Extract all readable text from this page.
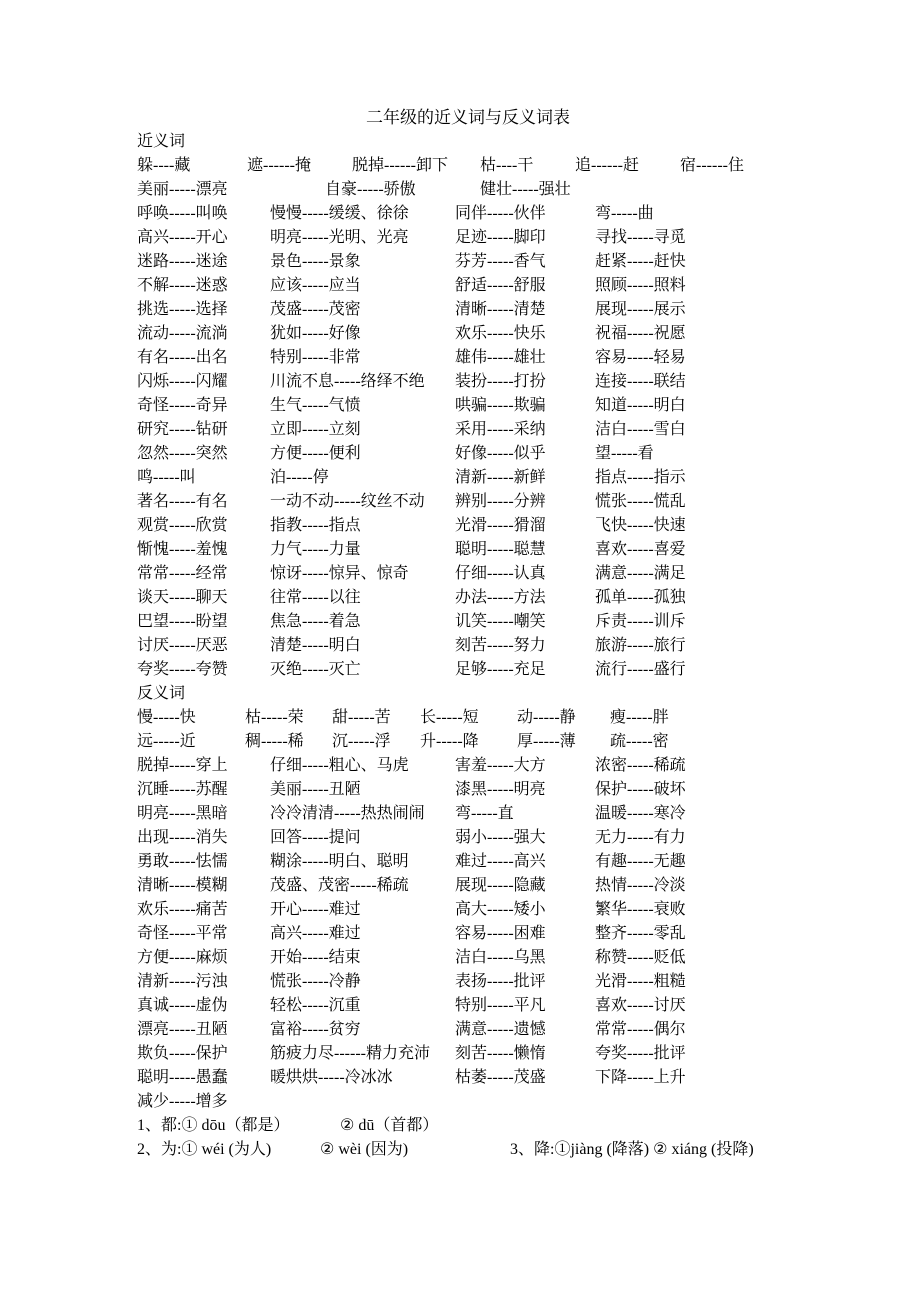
二年级的近义词与反义词表
近义词
躲----藏	遮------掩	脱掉------卸下	枯----干	追------赶	宿------住
美丽-----漂亮	自豪-----骄傲	健壮-----强壮
呼唤-----叫唤	慢慢-----缓缓、徐徐	同伴-----伙伴	弯-----曲
高兴-----开心	明亮-----光明、光亮	足迹-----脚印	寻找-----寻觅
迷路-----迷途	景色-----景象	芬芳-----香气	赶紧-----赶快
不解-----迷惑	应该-----应当	舒适-----舒服	照顾-----照料
挑选-----选择	茂盛-----茂密	清晰-----清楚	展现-----展示
流动-----流淌	犹如-----好像	欢乐-----快乐	祝福-----祝愿
有名-----出名	特别-----非常	雄伟-----雄壮	容易-----轻易
闪烁-----闪耀	川流不息-----络绎不绝	装扮-----打扮	连接-----联结
奇怪-----奇异	生气-----气愤	哄骗-----欺骗	知道-----明白
研究-----钻研	立即-----立刻	采用-----采纳	洁白-----雪白
忽然-----突然	方便-----便利	好像-----似乎	望-----看
鸣-----叫	泊-----停	清新-----新鲜	指点-----指示
著名-----有名	一动不动-----纹丝不动	辨别-----分辨	慌张-----慌乱
观赏-----欣赏	指教-----指点	光滑-----猾溜	飞快-----快速
惭愧-----羞愧	力气-----力量	聪明-----聪慧	喜欢-----喜爱
常常-----经常	惊讶-----惊异、惊奇	仔细-----认真	满意-----满足
谈天-----聊天	往常-----以往	办法-----方法	孤单-----孤独
巴望-----盼望	焦急-----着急	讥笑-----嘲笑	斥责-----训斥
讨厌-----厌恶	清楚-----明白	刻苦-----努力	旅游-----旅行
夸奖-----夸赞	灭绝-----灭亡	足够-----充足	流行-----盛行
反义词
慢-----快	枯-----荣	甜-----苦	长-----短	动-----静	瘦-----胖
远-----近	稠-----稀	沉-----浮	升-----降	厚-----薄	疏-----密
脱掉-----穿上	仔细-----粗心、马虎	害羞-----大方	浓密-----稀疏
沉睡-----苏醒	美丽-----丑陋	漆黑-----明亮	保护-----破坏
明亮-----黑暗	冷冷清清-----热热闹闹	弯-----直	温暖-----寒冷
出现-----消失	回答-----提问	弱小-----强大	无力-----有力
勇敢-----怯懦	糊涂-----明白、聪明	难过-----高兴	有趣-----无趣
清晰-----模糊	茂盛、茂密-----稀疏	展现-----隐藏	热情-----冷淡
欢乐-----痛苦	开心-----难过	高大-----矮小	繁华-----衰败
奇怪-----平常	高兴-----难过	容易-----困难	整齐-----零乱
方便-----麻烦	开始-----结束	洁白-----乌黑	称赞-----贬低
清新-----污浊	慌张-----冷静	表扬-----批评	光滑-----粗糙
真诚-----虚伪	轻松-----沉重	特别-----平凡	喜欢-----讨厌
漂亮-----丑陋	富裕-----贫穷	满意-----遗憾	常常-----偶尔
欺负-----保护	筋疲力尽------精力充沛	刻苦-----懒惰	夸奖-----批评
聪明-----愚蠢	暖烘烘-----冷冰冰	枯萎-----茂盛	下降-----上升
减少-----增多
1、都:① dōu（都是）	② dū（首都）
2、为:① wéi (为人)	② wèi (因为)	3、降:①jiàng (降落) ② xiáng (投降)
